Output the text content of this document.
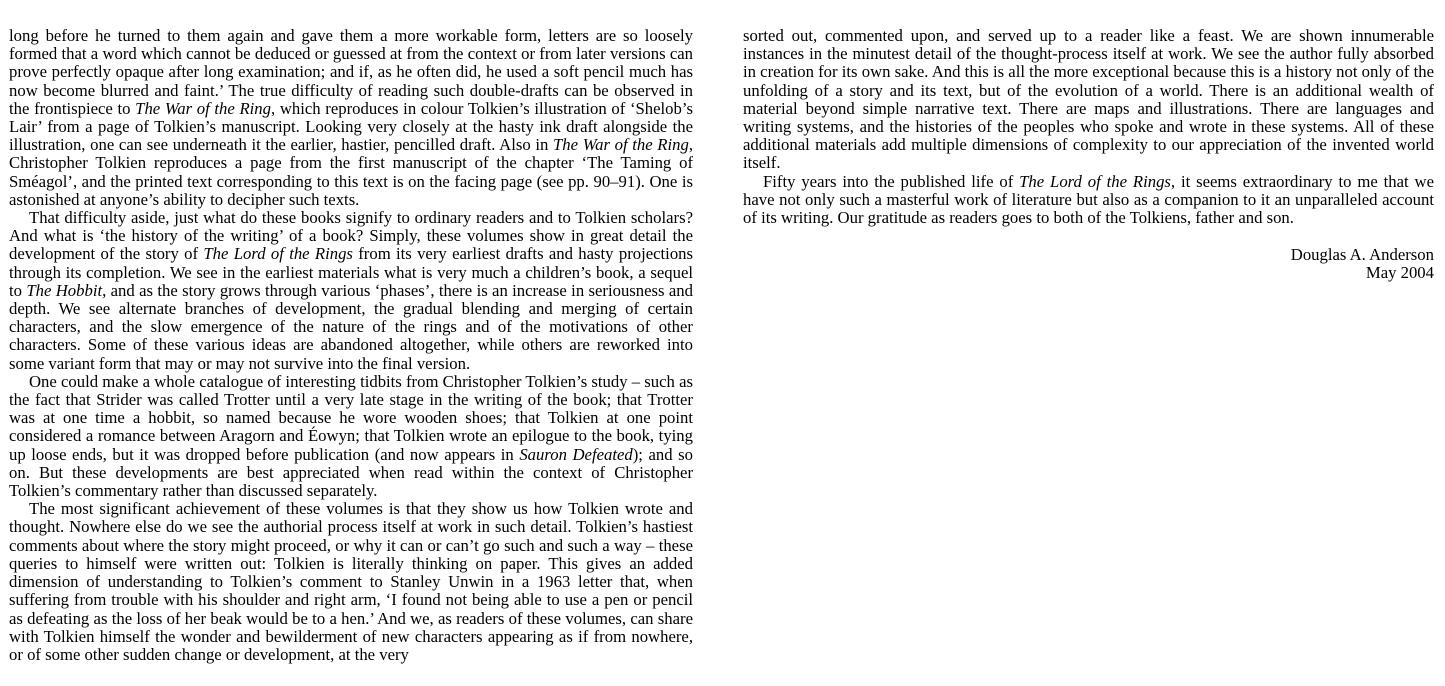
long before he turned to them again and gave them a more workable form, letters are so loosely formed that a word which cannot be deduced or guessed at from the context or from later versions can prove perfectly opaque after long examination; and if, as he often did, he used a soft pencil much has now become blurred and faint.’ The true difficulty of reading such double-drafts can be observed in the frontispiece to The War of the Ring, which reproduces in colour Tolkien’s illustration of ‘Shelob’s Lair’ from a page of Tolkien’s manuscript. Looking very closely at the hasty ink draft alongside the illustration, one can see underneath it the earlier, hastier, pencilled draft. Also in The War of the Ring, Christopher Tolkien reproduces a page from the first manuscript of the chapter ‘The Taming of Sméagol’, and the printed text corresponding to this text is on the facing page (see pp. 90–91). One is astonished at anyone’s ability to decipher such texts.

That difficulty aside, just what do these books signify to ordinary readers and to Tolkien scholars? And what is ‘the history of the writing’ of a book? Simply, these volumes show in great detail the development of the story of The Lord of the Rings from its very earliest drafts and hasty projections through its completion. We see in the earliest materials what is very much a children’s book, a sequel to The Hobbit, and as the story grows through various ‘phases’, there is an increase in seriousness and depth. We see alternate branches of development, the gradual blending and merging of certain characters, and the slow emergence of the nature of the rings and of the motivations of other characters. Some of these various ideas are abandoned altogether, while others are reworked into some variant form that may or may not survive into the final version.

One could make a whole catalogue of interesting tidbits from Christopher Tolkien’s study – such as the fact that Strider was called Trotter until a very late stage in the writing of the book; that Trotter was at one time a hobbit, so named because he wore wooden shoes; that Tolkien at one point considered a romance between Aragorn and Éowyn; that Tolkien wrote an epilogue to the book, tying up loose ends, but it was dropped before publication (and now appears in Sauron Defeated); and so on. But these developments are best appreciated when read within the context of Christopher Tolkien’s commentary rather than discussed separately.

The most significant achievement of these volumes is that they show us how Tolkien wrote and thought. Nowhere else do we see the authorial process itself at work in such detail. Tolkien’s hastiest comments about where the story might proceed, or why it can or can’t go such and such a way – these queries to himself were written out: Tolkien is literally thinking on paper. This gives an added dimension of understanding to Tolkien’s comment to Stanley Unwin in a 1963 letter that, when suffering from trouble with his shoulder and right arm, ‘I found not being able to use a pen or pencil as defeating as the loss of her beak would be to a hen.’ And we, as readers of these volumes, can share with Tolkien himself the wonder and bewilderment of new characters appearing as if from nowhere, or of some other sudden change or development, at the very

sorted out, commented upon, and served up to a reader like a feast. We are shown innumerable instances in the minutest detail of the thought-process itself at work. We see the author fully absorbed in creation for its own sake. And this is all the more exceptional because this is a history not only of the unfolding of a story and its text, but of the evolution of a world. There is an additional wealth of material beyond simple narrative text. There are maps and illustrations. There are languages and writing systems, and the histories of the peoples who spoke and wrote in these systems. All of these additional materials add multiple dimensions of complexity to our appreciation of the invented world itself.

Fifty years into the published life of The Lord of the Rings, it seems extraordinary to me that we have not only such a masterful work of literature but also as a companion to it an unparalleled account of its writing. Our gratitude as readers goes to both of the Tolkiens, father and son.

Douglas A. Anderson
May 2004
